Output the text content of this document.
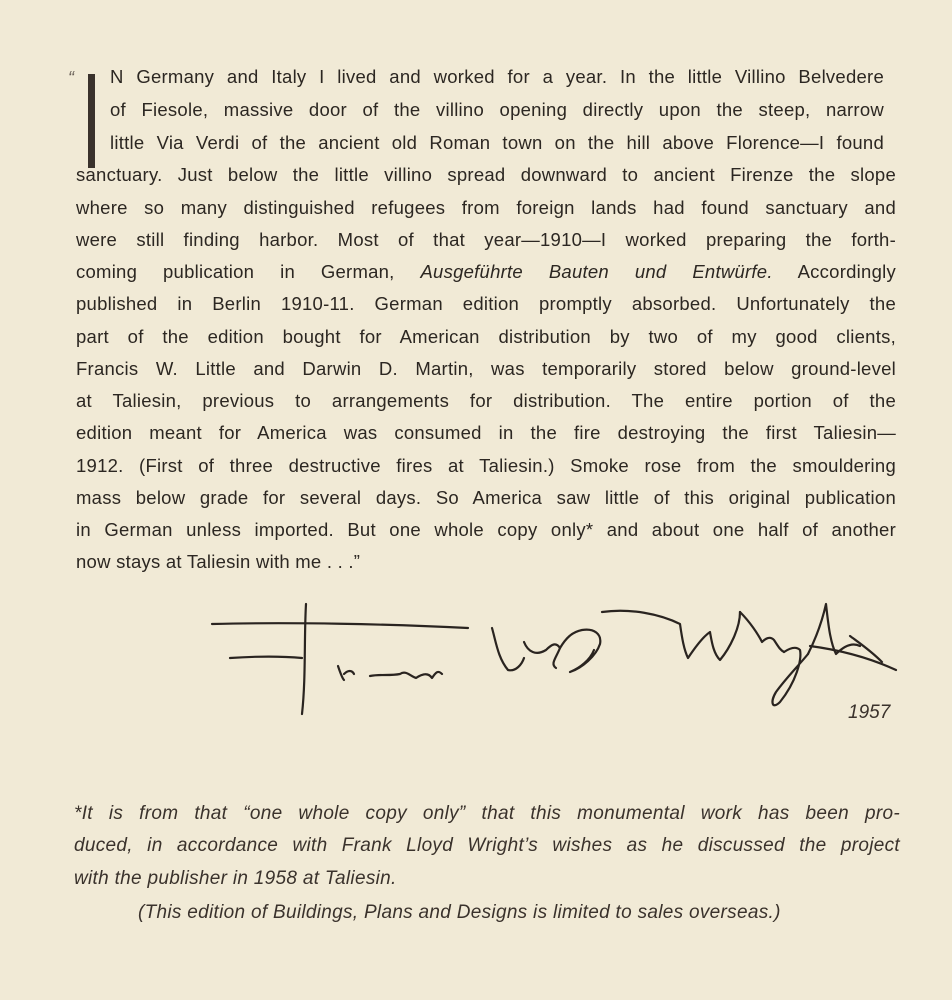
“ N Germany and Italy I lived and worked for a year. In the little Villino Belvedere
of Fiesole, massive door of the villino opening directly upon the steep, narrow
little Via Verdi of the ancient old Roman town on the hill above Florence—I found
sanctuary. Just below the little villino spread downward to ancient Firenze the slope
where so many distinguished refugees from foreign lands had found sanctuary and
were still finding harbor. Most of that year—1910—I worked preparing the forth-
coming publication in German, Ausgeführte Bauten und Entwürfe. Accordingly
published in Berlin 1910-11. German edition promptly absorbed. Unfortunately the
part of the edition bought for American distribution by two of my good clients,
Francis W. Little and Darwin D. Martin, was temporarily stored below ground-level
at Taliesin, previous to arrangements for distribution. The entire portion of the
edition meant for America was consumed in the fire destroying the first Taliesin—
1912. (First of three destructive fires at Taliesin.) Smoke rose from the smouldering
mass below grade for several days. So America saw little of this original publication
in German unless imported. But one whole copy only* and about one half of another
now stays at Taliesin with me . . .”
1957
*It is from that “one whole copy only” that this monumental work has been pro-
duced, in accordance with Frank Lloyd Wright’s wishes as he discussed the project
with the publisher in 1958 at Taliesin.
(This edition of Buildings, Plans and Designs is limited to sales overseas.)
